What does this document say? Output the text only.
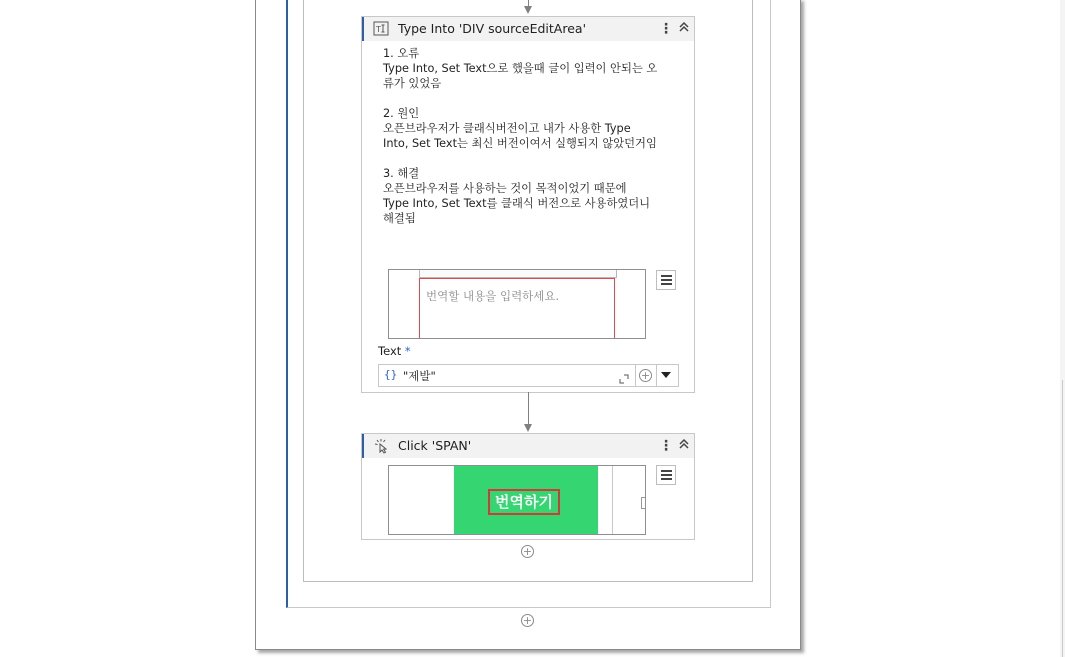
T Type Into 'DIV sourceEditArea'	⋮

1. 오류

Type Into, Set Text으로 했을때 글이 입력이 안되는 오

류가 있었음

2. 원인

오픈브라우저가 클래식버전이고 내가 사용한 Type

Into, Set Text는 최신 버전이여서 실행되지 않았던거임

3. 해결

오픈브라우저를 사용하는 것이 목적이었기 때문에

Type Into, Set Text를 클래식 버전으로 사용하였더니

해결됨

번역할 내용을 입력하세요.
Text *
{} "제발"	+
Click 'SPAN'	⋮
번역하기
+
+
